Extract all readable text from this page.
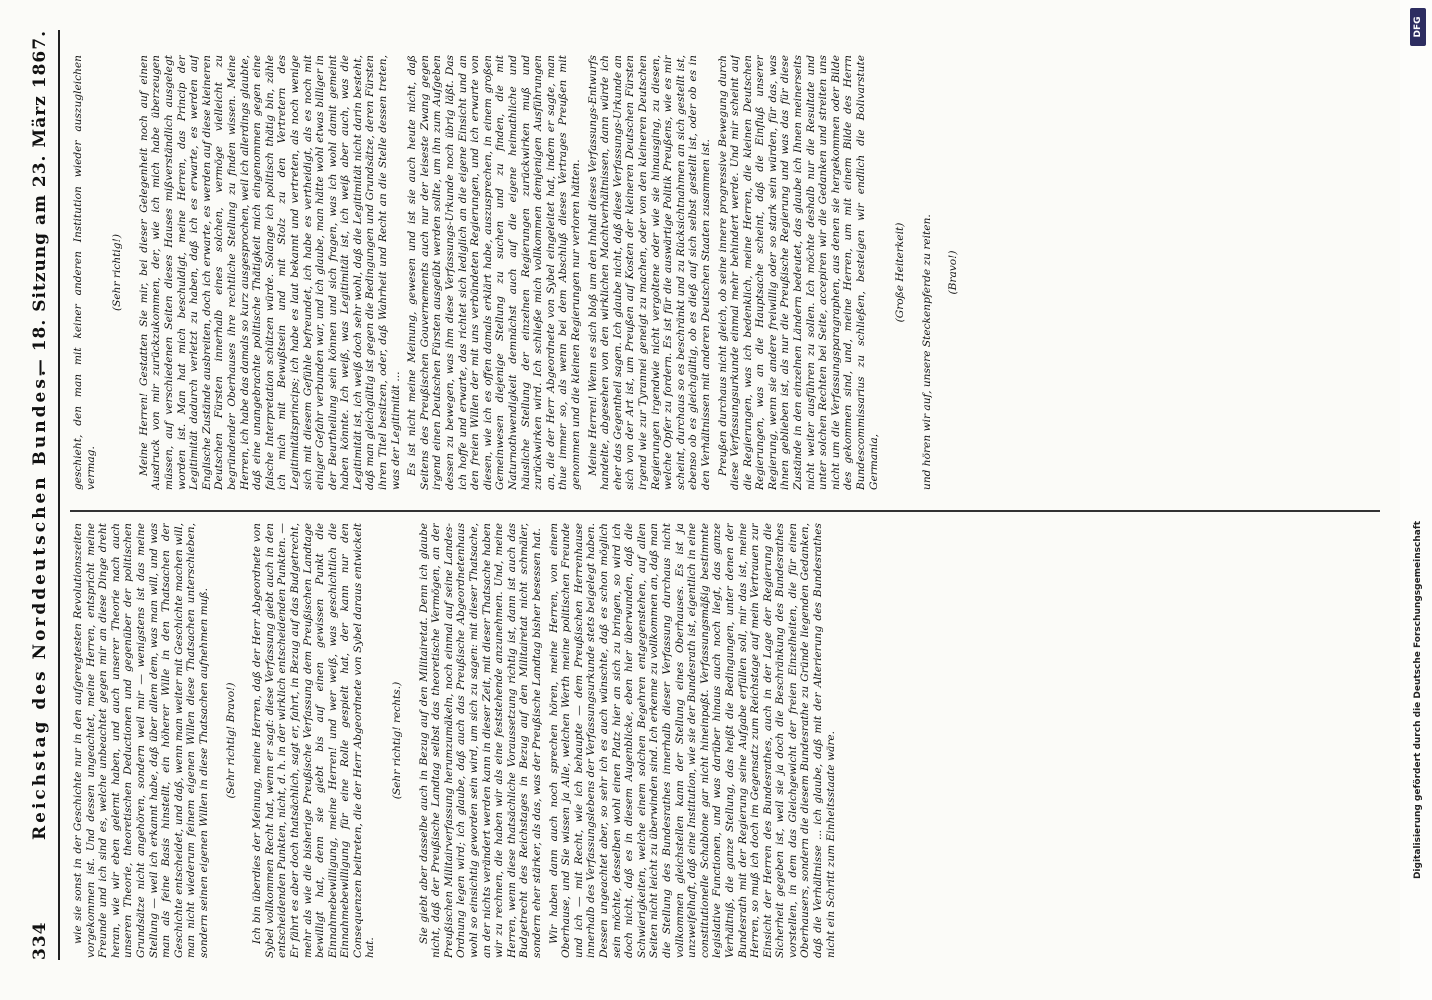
334
Reichstag des Norddeutschen Bundes.
— 18. Sitzung am 23. März 1867.

wie sie sonst in der Geschichte nur in den aufgeregtesten Revolutionszeiten vorgekommen ist. Und dessen ungeachtet, meine Herren, entspricht meine Freunde und ich sind es, welche unbeachtet gegen mir an diese Dinge dreht heran, wie wir eben gelernt haben, und auch unserer Theorie nach auch unseren Theorie, theoretischen Deductionen und gegenüber der politischen Grundsätze nicht angehören, sondern weil mir — wenigstens ist das meine Stellung — weil ich erkannt habe, daß über allem dem, was man will, und was man als feine Basis hinstellt, ein höherer Wille in den Thatsachen der Geschichte entscheidet, und daß, wenn man weiter mit Geschichte machen will, man nicht wiederum feinem eigenen Willen diese Thatsachen unterschieben, sondern seinen eigenen Willen in diese Thatsachen aufnehmen muß. (Sehr richtig! Bravo!) Ich bin überdies der Meinung, meine Herren, daß der Herr Abgeordnete von Sybel vollkommen Recht hat, wenn er sagt: diese Verfassung giebt auch in den entscheidenden Punkten, nicht, d. h. in der wirklich entscheidenden Punkten. — Er fährt es aber doch thatsächlich, sagt er, fahrt, in Bezug auf das Budgetrecht, mehr als wie die bisherige Preußische Verfassung dem Preußischen Landtage bewilligt hat, denn sie giebt bis auf einen gewissen Punkt die Einnahmebewilligung, meine Herren! und wer weiß, was geschichtlich die Einnahmebewilligung für eine Rolle gespielt hat, der kann nur den Consequenzen beitreten, die der Herr Abgeordnete von Sybel daraus entwickelt hat.

(Sehr richtig! rechts.) Sie giebt aber dasselbe auch in Bezug auf den Militairetat. Denn ich glaube nicht, daß der Preußische Landtag selbst das theoretische Vermögen, an der Preußischen Militairverfassung herumzumäkeln, noch einmal auf seine Landes-Ordnung legen wird; ich glaube, daß auch das Preußische Abgeordnetenhaus wohl so einsichtig geworden sein wird, um sich zu sagen: mit dieser Thatsache, an der nichts verändert werden kann in dieser Zeit, mit dieser Thatsache haben wir zu rechnen, die haben wir als eine feststehende anzunehmen. Und, meine Herren, wenn diese thatsächliche Voraussetzung richtig ist, dann ist auch das Budgetrecht des Reichstages in Bezug auf den Militairetat nicht schmäler, sondern eher stärker, als das, was der Preußische Landtag bisher besessen hat. Wir haben dann auch noch sprechen hören, meine Herren, von einem Oberhause, und Sie wissen ja Alle, welchen Werth meine politischen Freunde und ich — mit Recht, wie ich behaupte — dem Preußischen Herrenhause innerhalb des Verfassungslebens der Verfassungsurkunde stets beigelegt haben. Dessen ungeachtet aber, so sehr ich es auch wünschte, daß es schon möglich sein möchte, desselben wohl einen Platz hier an sich zu bringen, so wird ich doch nicht, daß es in diesem Augenblicke, eben hier überwunden, daß die Schwierigkeiten, welche einem solchen Begehren entgegenstehen, auf allen Seiten nicht leicht zu überwinden sind. Ich erkenne zu vollkommen an, daß man die Stellung des Bundesrathes innerhalb dieser Verfassung durchaus nicht vollkommen gleichstellen kann der Stellung eines Oberhauses. Es ist ja unzweifelhaft, daß eine Institution, wie sie der Bundesrath ist, eigentlich in eine constitutionelle Schablone gar nicht hineinpaßt. Verfassungsmäßig bestimmte legislative Functionen, und was darüber hinaus auch noch liegt, das ganze Verhältniß, die ganze Stellung, das heißt die Bedingungen, unter denen der Bundesrath mit der Regierung seine Aufgabe erfüllen soll, mir das ist, meine Herren, so muß ich doch im Gegensatz zum Reichstage auf mein Vertrauen zur Einsicht der Herren des Bundesrathes, auch in der Lage der Regierung die Sicherheit gegeben ist, weil sie ja doch die Beschränkung des Bundesrathes vorstellen, in dem das Gleichgewicht der freien Einzelheiten, die für einen Oberhausers, sondern die diesem Bundesrathe zu Gründe liegenden Gedanken, daß die Verhältnisse ... ich glaube, daß mit der Alterierung des Bundesrathes nicht ein Schritt zum Einheitsstaate wäre.

geschieht, den man mit keiner anderen Institution wieder auszugleichen vermag.

(Sehr richtig!) Meine Herren! Gestatten Sie mir, bei dieser Gelegenheit noch auf einen Ausdruck von mir zurückzukommen, der, wie ich mich habe überzeugen müssen, auf verschiedenen Seiten dieses Hauses mißverständlich ausgelegt worden ist. Man hat mich beschuldigt, meine Herren, das Princip der Legitimität dadurch verletzt zu haben, daß ich es erwarte, es werden auf Englische Zustände ausbreiten, doch ich erwarte, es werden auf diese kleineren Deutschen Fürsten innerhalb eines solchen, vermöge vielleicht zu begründender Oberhauses ihre rechtliche Stellung zu finden wissen. Meine Herren, ich habe das damals so kurz ausgesprochen, weil ich allerdings glaubte, daß eine unangebrachte politische Thätigkeit mich eingenommen gegen eine falsche Interpretation schützen würde. Solange ich politisch thätig bin, zähle ich mich mit Bewußtsein und mit Stolz zu den Vertretern des Legitimitätsprincips; ich habe es laut bekannt und vertreten, als noch wenige sich mit diesem Gefühle befreundet, ich habe es vertheidigt, als es noch mit einiger Gefahr verbunden war, und ich glaube, man hätte wohl etwas billiger in der Beurtheilung sein können und sich fragen, was ich wohl damit gemeint haben könnte. Ich weiß, was Legitimität ist, ich weiß aber auch, was die Legitimität ist, ich weiß doch sehr wohl, daß die Legitimität nicht darin besteht, daß man gleichgültig ist gegen die Bedingungen und Grundsätze, deren Fürsten ihren Titel besitzen, oder, daß Wahrheit und Recht an die Stelle dessen treten, was der Legitimität ... Es ist nicht meine Meinung, gewesen und ist sie auch heute nicht, daß Seitens des Preußischen Gouvernements auch nur der leiseste Zwang gegen irgend einen Deutschen Fürsten ausgeübt werden sollte, um ihn zum Aufgeben dessen zu bewegen, was ihm diese Verfassungs-Urkunde noch übrig läßt. Das ich hoffe und erwarte, das richtet sich lediglich an die eigene Einsicht und an den freien Willen der mit uns verbündeten Regierungen, und ich erwarte von diesen, wie ich es offen damals erklärt habe, auszusprechen, in einem großen Gemeinwesen diejenige Stellung zu suchen und zu finden, die mit Naturnothwendigkeit demnächst auch auf die eigene heimathliche und häusliche Stellung der einzelnen Regierungen zurückwirken muß und zurückwirken wird. Ich schließe mich vollkommen demjenigen Ausführungen an, die der Herr Abgeordnete von Sybel eingeleitet hat, indem er sagte, man thue immer so, als wenn bei dem Abschluß dieses Vertrages Preußen mit genommen und die kleinen Regierungen nur verloren hätten. Meine Herren! Wenn es sich bloß um den Inhalt dieses Verfassungs-Entwurfs handelte, abgesehen von den wirklichen Machtverhältnissen, dann würde ich eher das Gegentheil sagen. Ich glaube nicht, daß diese Verfassungs-Urkunde an sich von der Art ist, um Preußen auf Kosten der kleineren Deutschen Fürsten irgend wie zur Tyrannei geneigt zu machen, oder von den kleineren Deutschen Regierungen irgendwie nicht vergoltene oder wie sie hinausging, zu diesen, welche Opfer zu fordern. Es ist für die auswärtige Politik Preußens, wie es mir scheint, durchaus so es beschränkt und zu Rücksichtnahmen an sich gestellt ist, ebenso ob es gleichgültig, ob es dieß auf sich selbst gestellt ist, oder ob es in den Verhältnissen mit anderen Deutschen Staaten zusammen ist. Preußen durchaus nicht gleich, ob seine innere progressive Bewegung durch diese Verfassungsurkunde einmal mehr behindert werde. Und mir scheint auf die Regierungen, was ich bedenklich, meine Herren, die kleinen Deutschen Regierungen, was an die Hauptsache scheint, daß die Einfluß unserer Regierung, wenn sie andere freiwillig oder so stark sein würden, für das, was ihnen geblieben ist, als nur die Preußische Regierung und was das für diese Zustände in den einzelnen Ländern bedeutet, das glaube ich Ihnen meinerseits nicht weiter ausführen zu sollen. Ich möchte deshalb nur die Resultate und unter solchen Rechten bei Seite, accepiren wir die Gedanken und streiten uns nicht um die Verfassungsparagraphen, aus denen sie hergekommen oder Bilde des gekommen sind, und, meine Herren, um mit einem Bilde des Herrn Bundescommissarius zu schließen, besteigen wir endlich die Bolivarstute Germania,

(Große Heiterkeit) und hören wir auf, unsere Steckenpferde zu reiten. (Bravo!)

DFG
Digitalisierung gefördert durch die Deutsche Forschungsgemeinschaft
